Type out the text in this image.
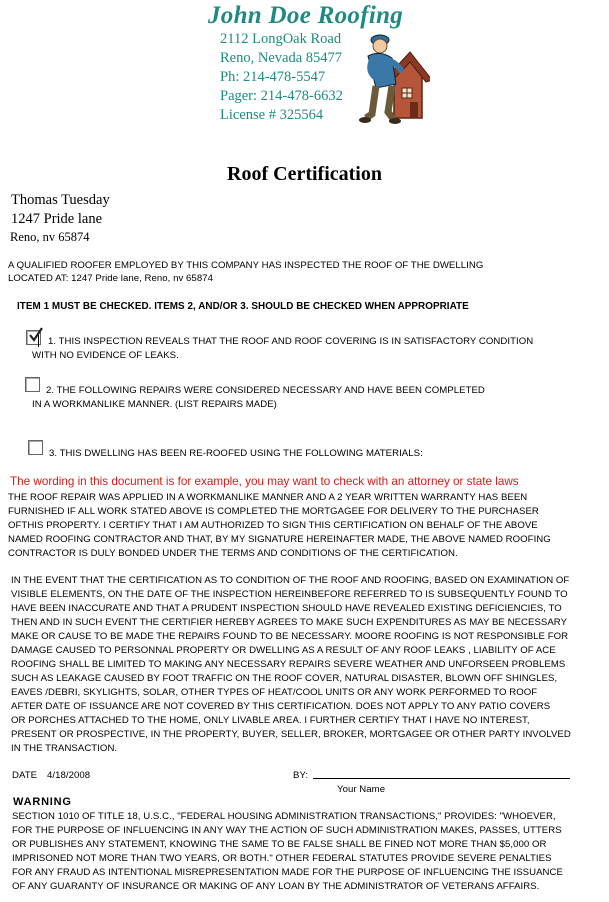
John Doe Roofing
2112 LongOak Road
Reno, Nevada 85477
Ph: 214-478-5547
Pager: 214-478-6632
License # 325564
Roof Certification
Thomas Tuesday
1247 Pride lane
Reno, nv 65874
A QUALIFIED ROOFER EMPLOYED BY THIS COMPANY HAS INSPECTED THE ROOF OF THE DWELLING
LOCATED AT: 1247 Pride lane, Reno, nv 65874
ITEM 1 MUST BE CHECKED. ITEMS 2, AND/OR 3. SHOULD BE CHECKED WHEN APPROPRIATE
1. THIS INSPECTION REVEALS THAT THE ROOF AND ROOF COVERING IS IN SATISFACTORY CONDITION
WITH NO EVIDENCE OF LEAKS.
2. THE FOLLOWING REPAIRS WERE CONSIDERED NECESSARY AND HAVE BEEN COMPLETED
IN A WORKMANLIKE MANNER. (LIST REPAIRS MADE)
3. THIS DWELLING HAS BEEN RE-ROOFED USING THE FOLLOWING MATERIALS:
The wording in this document is for example, you may want to check with an attorney or state laws
THE ROOF REPAIR WAS APPLIED IN A WORKMANLIKE MANNER AND A 2 YEAR WRITTEN WARRANTY HAS BEEN
FURNISHED IF ALL WORK STATED ABOVE IS COMPLETED THE MORTGAGEE FOR DELIVERY TO THE PURCHASER
OFTHIS PROPERTY. I CERTIFY THAT I AM AUTHORIZED TO SIGN THIS CERTIFICATION ON BEHALF OF THE ABOVE
NAMED ROOFING CONTRACTOR AND THAT, BY MY SIGNATURE HEREINAFTER MADE, THE ABOVE NAMED ROOFING
CONTRACTOR IS DULY BONDED UNDER THE TERMS AND CONDITIONS OF THE CERTIFICATION.
IN THE EVENT THAT THE CERTIFICATION AS TO CONDITION OF THE ROOF AND ROOFING, BASED ON EXAMINATION OF
VISIBLE ELEMENTS, ON THE DATE OF THE INSPECTION HEREINBEFORE REFERRED TO IS SUBSEQUENTLY FOUND TO
HAVE BEEN INACCURATE AND THAT A PRUDENT INSPECTION SHOULD HAVE REVEALED EXISTING DEFICIENCIES, TO
THEN AND IN SUCH EVENT THE CERTIFIER HEREBY AGREES TO MAKE SUCH EXPENDITURES AS MAY BE NECESSARY
MAKE OR CAUSE TO BE MADE THE REPAIRS FOUND TO BE NECESSARY. MOORE ROOFING IS NOT RESPONSIBLE FOR
DAMAGE CAUSED TO PERSONNAL PROPERTY OR DWELLING AS A RESULT OF ANY ROOF LEAKS , LIABILITY OF ACE
ROOFING SHALL BE LIMITED TO MAKING ANY NECESSARY REPAIRS SEVERE WEATHER AND UNFORSEEN PROBLEMS
SUCH AS LEAKAGE CAUSED BY FOOT TRAFFIC ON THE ROOF COVER, NATURAL DISASTER, BLOWN OFF SHINGLES,
EAVES /DEBRI, SKYLIGHTS, SOLAR, OTHER TYPES OF HEAT/COOL UNITS OR ANY WORK PERFORMED TO ROOF
AFTER DATE OF ISSUANCE ARE NOT COVERED BY THIS CERTIFICATION. DOES NOT APPLY TO ANY PATIO COVERS
OR PORCHES ATTACHED TO THE HOME, ONLY LIVABLE AREA. I FURTHER CERTIFY THAT I HAVE NO INTEREST,
PRESENT OR PROSPECTIVE, IN THE PROPERTY, BUYER, SELLER, BROKER, MORTGAGEE OR OTHER PARTY INVOLVED
IN THE TRANSACTION.
DATE 4/18/2008	BY:
Your Name
WARNING
SECTION 1010 OF TITLE 18, U.S.C., "FEDERAL HOUSING ADMINISTRATION TRANSACTIONS," PROVIDES: "WHOEVER,
FOR THE PURPOSE OF INFLUENCING IN ANY WAY THE ACTION OF SUCH ADMINISTRATION MAKES, PASSES, UTTERS
OR PUBLISHES ANY STATEMENT, KNOWING THE SAME TO BE FALSE SHALL BE FINED NOT MORE THAN $5,000 OR
IMPRISONED NOT MORE THAN TWO YEARS, OR BOTH." OTHER FEDERAL STATUTES PROVIDE SEVERE PENALTIES
FOR ANY FRAUD AS INTENTIONAL MISREPRESENTATION MADE FOR THE PURPOSE OF INFLUENCING THE ISSUANCE
OF ANY GUARANTY OF INSURANCE OR MAKING OF ANY LOAN BY THE ADMINISTRATOR OF VETERANS AFFAIRS.
